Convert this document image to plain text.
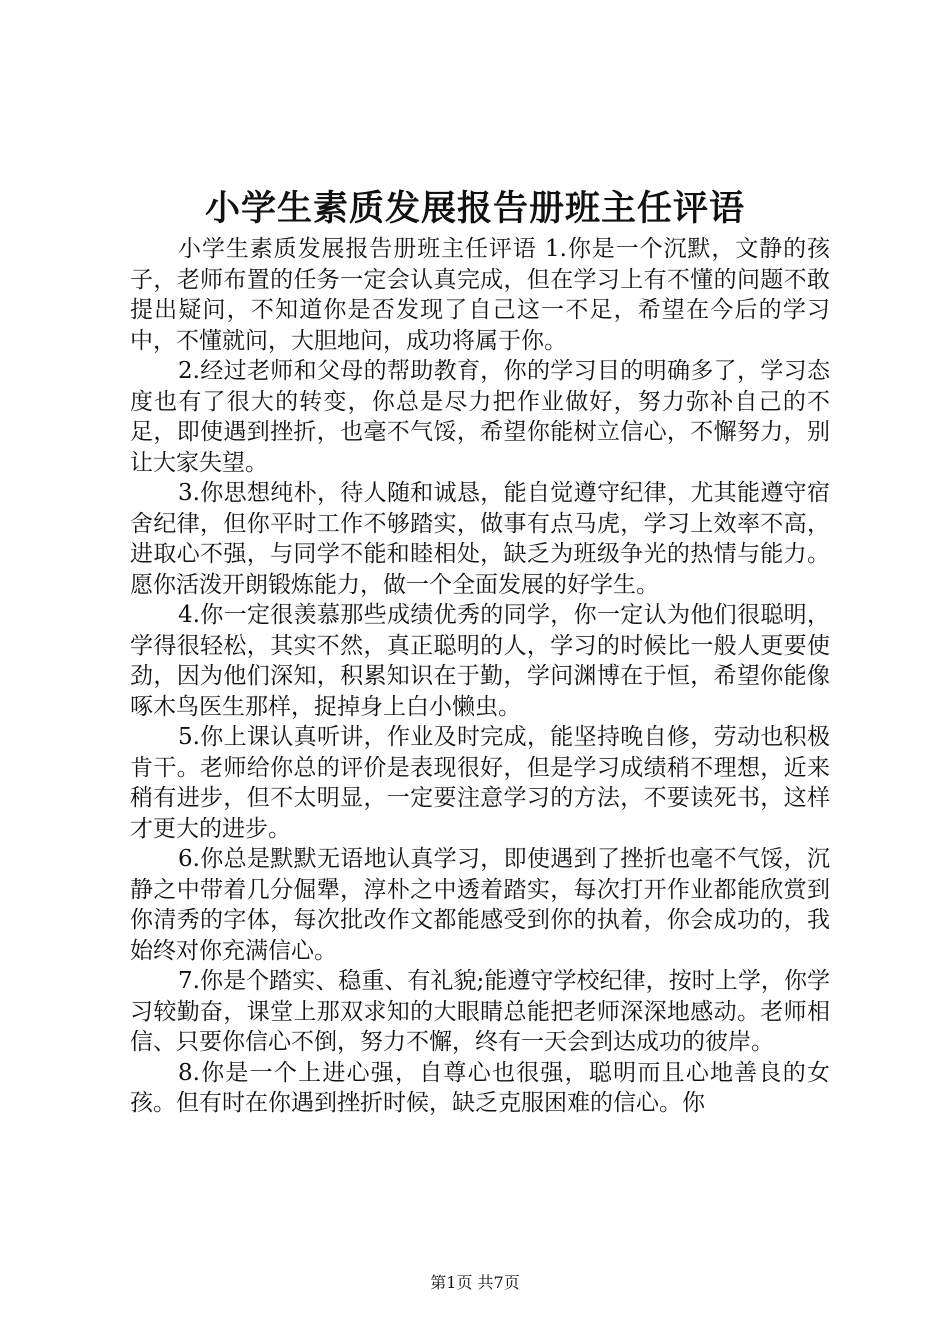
小学生素质发展报告册班主任评语

小学生素质发展报告册班主任评语 1.你是一个沉默，文静的孩子，老师布置的任务一定会认真完成，但在学习上有不懂的问题不敢提出疑问，不知道你是否发现了自己这一不足，希望在今后的学习中，不懂就问，大胆地问，成功将属于你。

2.经过老师和父母的帮助教育，你的学习目的明确多了，学习态度也有了很大的转变，你总是尽力把作业做好，努力弥补自己的不足，即使遇到挫折，也毫不气馁，希望你能树立信心，不懈努力，别让大家失望。

3.你思想纯朴，待人随和诚恳，能自觉遵守纪律，尤其能遵守宿舍纪律，但你平时工作不够踏实，做事有点马虎，学习上效率不高，进取心不强，与同学不能和睦相处，缺乏为班级争光的热情与能力。愿你活泼开朗锻炼能力，做一个全面发展的好学生。

4.你一定很羡慕那些成绩优秀的同学，你一定认为他们很聪明，学得很轻松，其实不然，真正聪明的人，学习的时候比一般人更要使劲，因为他们深知，积累知识在于勤，学问渊博在于恒，希望你能像啄木鸟医生那样，捉掉身上白小懒虫。

5.你上课认真听讲，作业及时完成，能坚持晚自修，劳动也积极肯干。老师给你总的评价是表现很好，但是学习成绩稍不理想，近来稍有进步，但不太明显，一定要注意学习的方法，不要读死书，这样才更大的进步。

6.你总是默默无语地认真学习，即使遇到了挫折也毫不气馁，沉静之中带着几分倔犟，淳朴之中透着踏实，每次打开作业都能欣赏到你清秀的字体，每次批改作文都能感受到你的执着，你会成功的，我始终对你充满信心。

7.你是个踏实、稳重、有礼貌;能遵守学校纪律，按时上学，你学习较勤奋，课堂上那双求知的大眼睛总能把老师深深地感动。老师相信、只要你信心不倒，努力不懈，终有一天会到达成功的彼岸。

8.你是一个上进心强，自尊心也很强，聪明而且心地善良的女孩。但有时在你遇到挫折时候，缺乏克服困难的信心。你

第1页 共7页
